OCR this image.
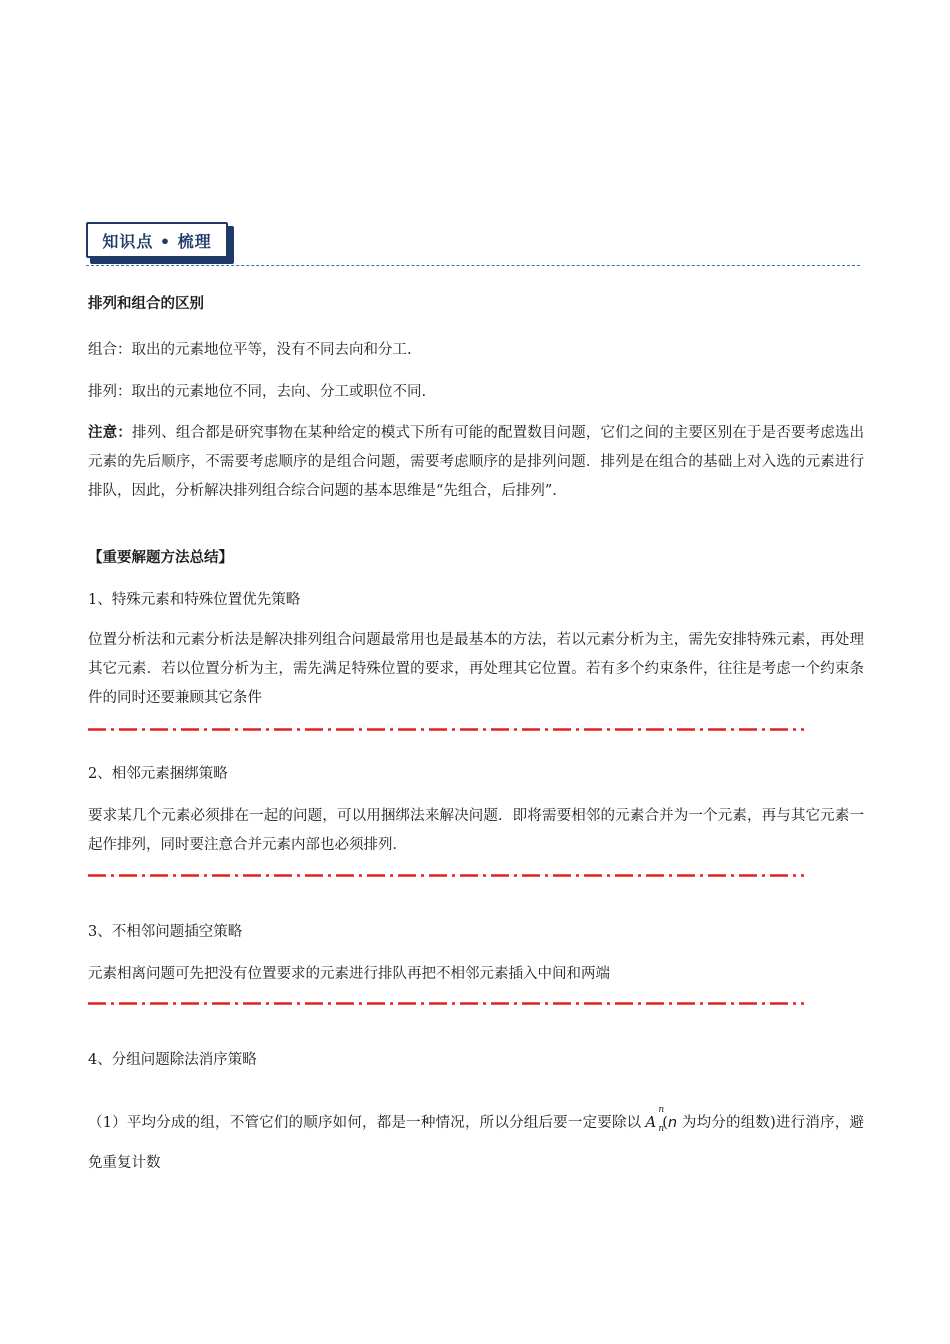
知识点 • 梳理

排列和组合的区别

组合：取出的元素地位平等，没有不同去向和分工.

排列：取出的元素地位不同，去向、分工或职位不同.

注意：排列、组合都是研究事物在某种给定的模式下所有可能的配置数目问题，它们之间的主要区别在于是否要考虑选出元素的先后顺序，不需要考虑顺序的是组合问题，需要考虑顺序的是排列问题．排列是在组合的基础上对入选的元素进行排队，因此，分析解决排列组合综合问题的基本思维是“先组合，后排列”．

【重要解题方法总结】

1、特殊元素和特殊位置优先策略

位置分析法和元素分析法是解决排列组合问题最常用也是最基本的方法，若以元素分析为主，需先安排特殊元素，再处理其它元素．若以位置分析为主，需先满足特殊位置的要求，再处理其它位置。若有多个约束条件，往往是考虑一个约束条件的同时还要兼顾其它条件

2、相邻元素捆绑策略

要求某几个元素必须排在一起的问题，可以用捆绑法来解决问题．即将需要相邻的元素合并为一个元素，再与其它元素一起作排列，同时要注意合并元素内部也必须排列．

3、不相邻问题插空策略

元素相离问题可先把没有位置要求的元素进行排队再把不相邻元素插入中间和两端

4、分组问题除法消序策略

（1）平均分成的组，不管它们的顺序如何，都是一种情况，所以分组后要一定要除以 A
n
n
(n 为均分的组数)进行消序，避免重复计数
